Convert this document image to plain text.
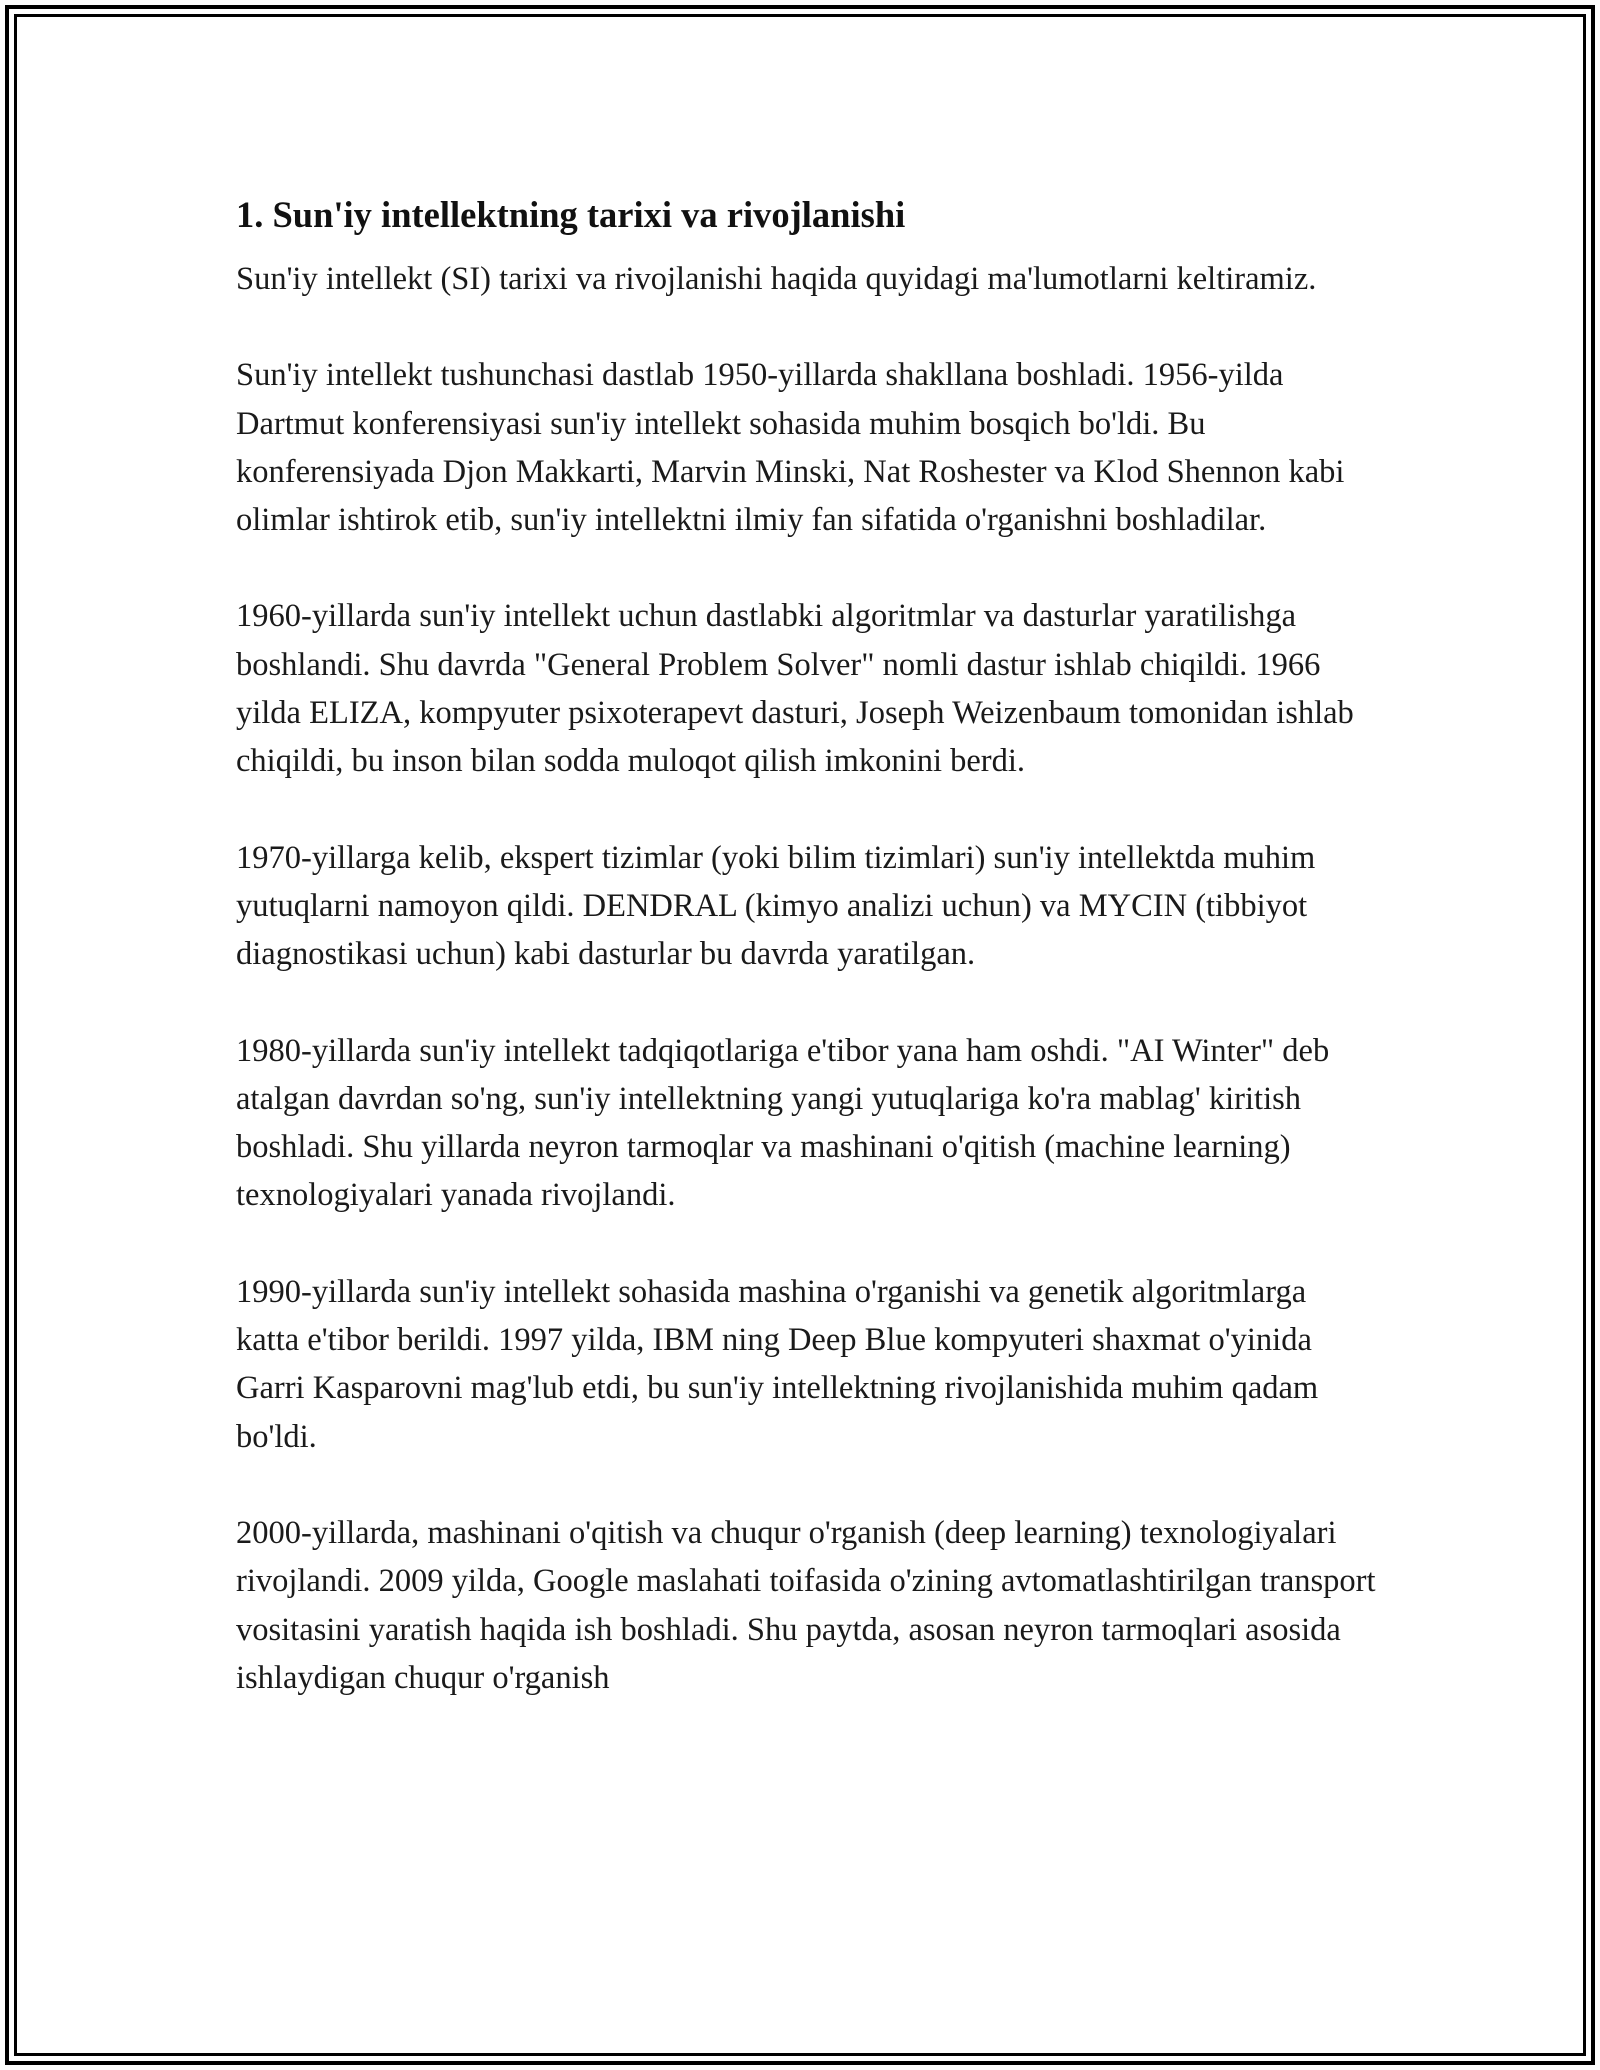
1. Sun'iy intellektning tarixi va rivojlanishi

Sun'iy intellekt (SI) tarixi va rivojlanishi haqida quyidagi ma'lumotlarni keltiramiz.

Sun'iy intellekt tushunchasi dastlab 1950-yillarda shakllana boshladi. 1956-yilda Dartmut konferensiyasi sun'iy intellekt sohasida muhim bosqich bo'ldi. Bu konferensiyada Djon Makkarti, Marvin Minski, Nat Roshester va Klod Shennon kabi olimlar ishtirok etib, sun'iy intellektni ilmiy fan sifatida o'rganishni boshladilar.

1960-yillarda sun'iy intellekt uchun dastlabki algoritmlar va dasturlar yaratilishga boshlandi. Shu davrda "General Problem Solver" nomli dastur ishlab chiqildi. 1966 yilda ELIZA, kompyuter psixoterapevt dasturi, Joseph Weizenbaum tomonidan ishlab chiqildi, bu inson bilan sodda muloqot qilish imkonini berdi.

1970-yillarga kelib, ekspert tizimlar (yoki bilim tizimlari) sun'iy intellektda muhim yutuqlarni namoyon qildi. DENDRAL (kimyo analizi uchun) va MYCIN (tibbiyot diagnostikasi uchun) kabi dasturlar bu davrda yaratilgan.

1980-yillarda sun'iy intellekt tadqiqotlariga e'tibor yana ham oshdi. "AI Winter" deb atalgan davrdan so'ng, sun'iy intellektning yangi yutuqlariga ko'ra mablag' kiritish boshladi. Shu yillarda neyron tarmoqlar va mashinani o'qitish (machine learning) texnologiyalari yanada rivojlandi.

1990-yillarda sun'iy intellekt sohasida mashina o'rganishi va genetik algoritmlarga katta e'tibor berildi. 1997 yilda, IBM ning Deep Blue kompyuteri shaxmat o'yinida Garri Kasparovni mag'lub etdi, bu sun'iy intellektning rivojlanishida muhim qadam bo'ldi.

2000-yillarda, mashinani o'qitish va chuqur o'rganish (deep learning) texnologiyalari rivojlandi. 2009 yilda, Google maslahati toifasida o'zining avtomatlashtirilgan transport vositasini yaratish haqida ish boshladi. Shu paytda, asosan neyron tarmoqlari asosida ishlaydigan chuqur o'rganish
